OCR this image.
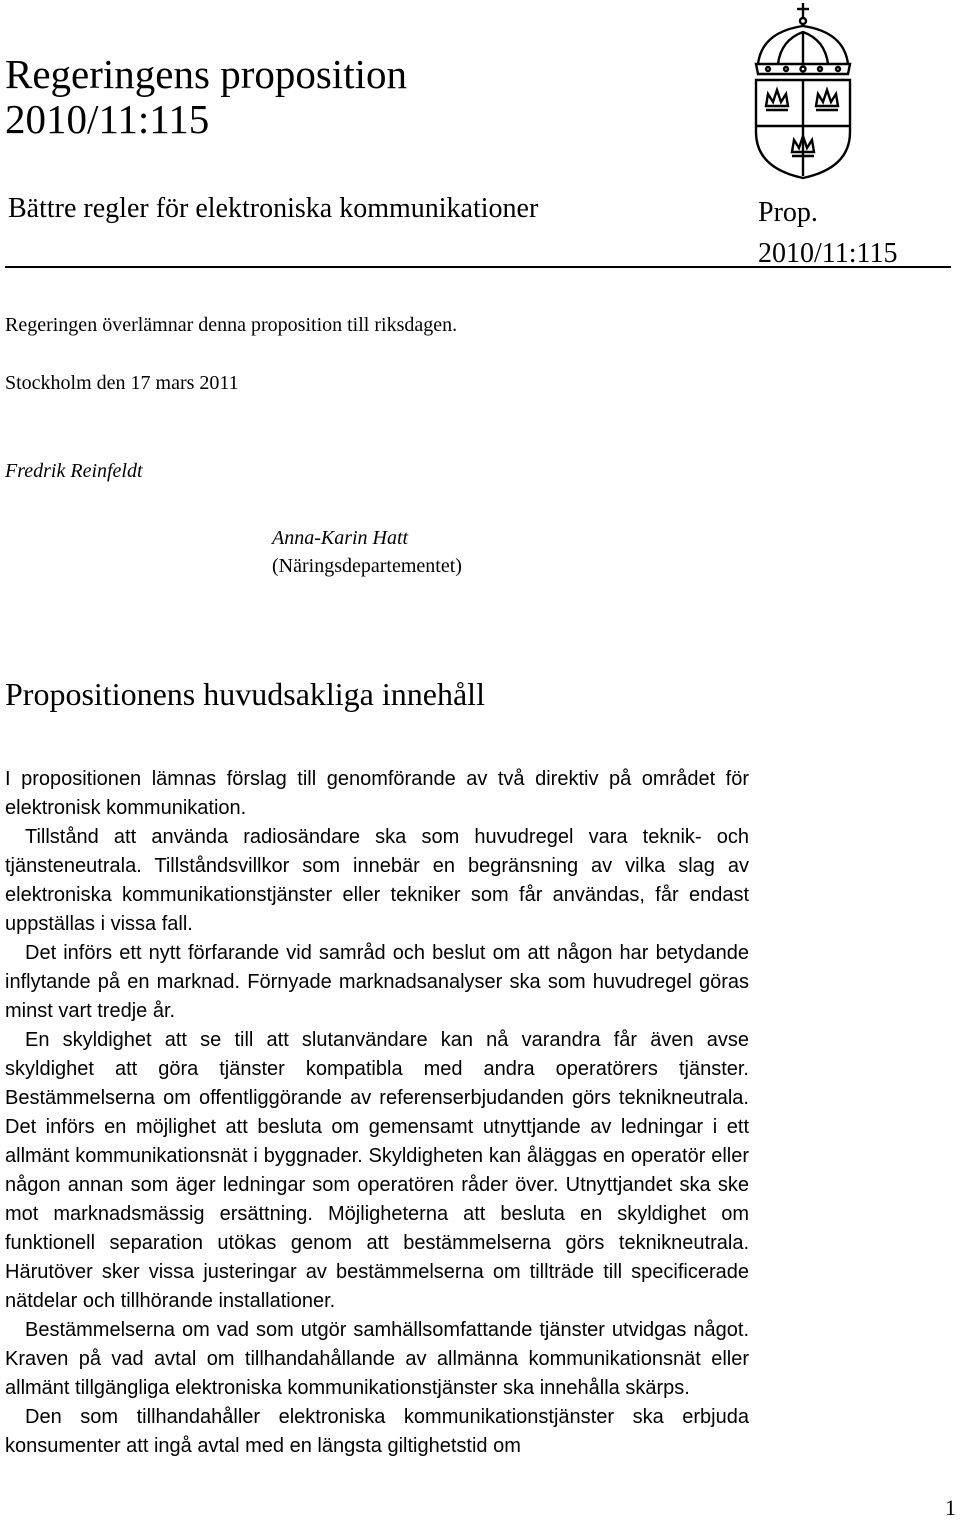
Regeringens proposition
2010/11:115
Bättre regler för elektroniska kommunikationer	Prop.
2010/11:115
Regeringen överlämnar denna proposition till riksdagen.
Stockholm den 17 mars 2011
Fredrik Reinfeldt
Anna-Karin Hatt
(Näringsdepartementet)
Propositionens huvudsakliga innehåll

I propositionen lämnas förslag till genomförande av två direktiv på området för elektronisk kommunikation.

Tillstånd att använda radiosändare ska som huvudregel vara teknik- och tjänsteneutrala. Tillståndsvillkor som innebär en begränsning av vilka slag av elektroniska kommunikationstjänster eller tekniker som får användas, får endast uppställas i vissa fall.

Det införs ett nytt förfarande vid samråd och beslut om att någon har betydande inflytande på en marknad. Förnyade marknadsanalyser ska som huvudregel göras minst vart tredje år.

En skyldighet att se till att slutanvändare kan nå varandra får även avse skyldighet att göra tjänster kompatibla med andra operatörers tjänster. Bestämmelserna om offentliggörande av referenserbjudanden görs teknikneutrala. Det införs en möjlighet att besluta om gemensamt utnyttjande av ledningar i ett allmänt kommunikationsnät i byggnader. Skyldigheten kan åläggas en operatör eller någon annan som äger ledningar som operatören råder över. Utnyttjandet ska ske mot marknadsmässig ersättning. Möjligheterna att besluta en skyldighet om funktionell separation utökas genom att bestämmelserna görs teknikneutrala. Härutöver sker vissa justeringar av bestämmelserna om tillträde till specificerade nätdelar och tillhörande installationer.

Bestämmelserna om vad som utgör samhällsomfattande tjänster utvidgas något. Kraven på vad avtal om tillhandahållande av allmänna kommunikationsnät eller allmänt tillgängliga elektroniska kommunikationstjänster ska innehålla skärps.

Den som tillhandahåller elektroniska kommunikationstjänster ska erbjuda konsumenter att ingå avtal med en längsta giltighetstid om

1
